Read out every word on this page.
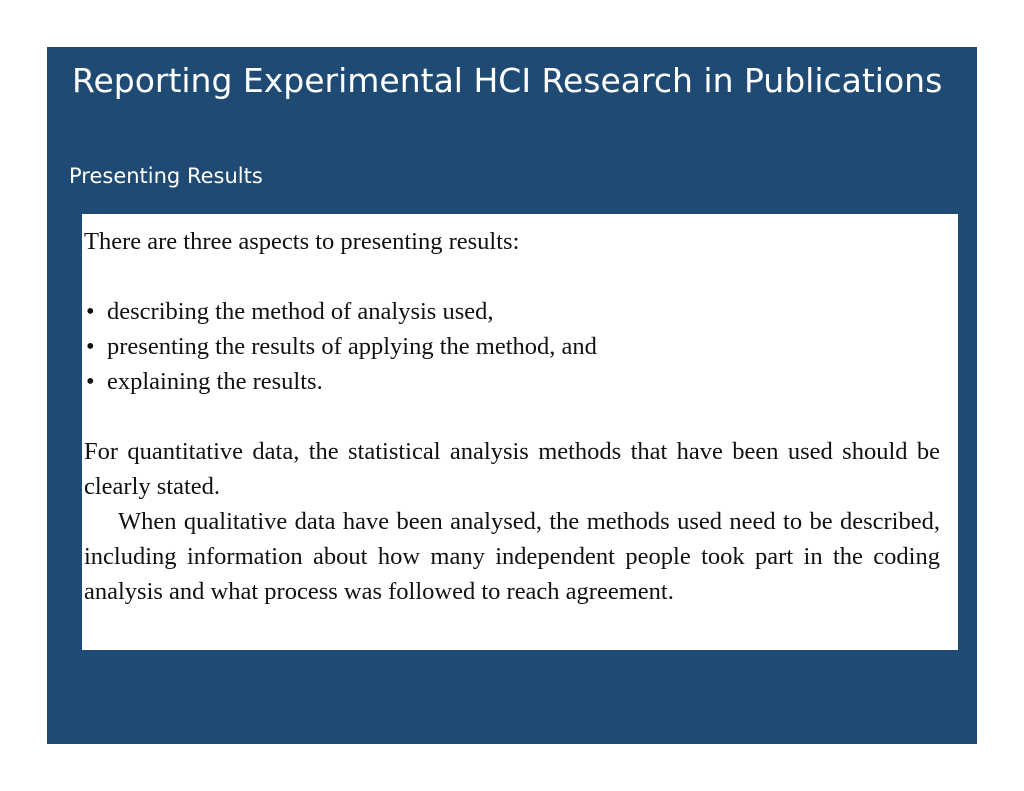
Reporting Experimental HCI Research in Publications
Presenting Results

There are three aspects to presenting results:

• describing the method of analysis used,
• presenting the results of applying the method, and
• explaining the results.

For quantitative data, the statistical analysis methods that have been used should be clearly stated.

When qualitative data have been analysed, the methods used need to be described, including information about how many independent people took part in the coding analysis and what process was followed to reach agreement.
